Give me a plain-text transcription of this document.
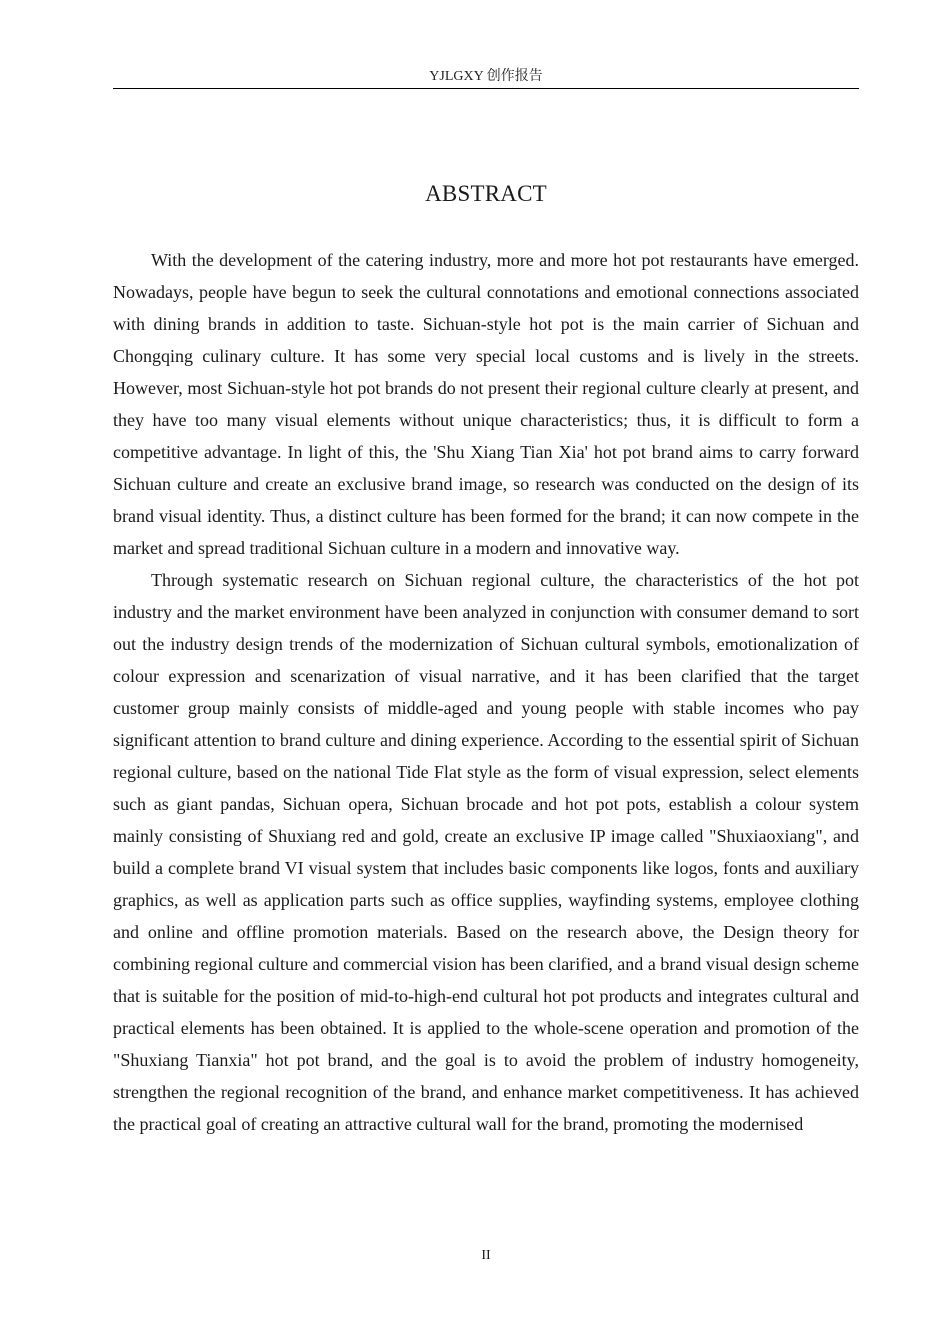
YJLGXY 创作报告
ABSTRACT

With the development of the catering industry, more and more hot pot restaurants have emerged. Nowadays, people have begun to seek the cultural connotations and emotional connections associated with dining brands in addition to taste. Sichuan-style hot pot is the main carrier of Sichuan and Chongqing culinary culture. It has some very special local customs and is lively in the streets. However, most Sichuan-style hot pot brands do not present their regional culture clearly at present, and they have too many visual elements without unique characteristics; thus, it is difficult to form a competitive advantage. In light of this, the 'Shu Xiang Tian Xia' hot pot brand aims to carry forward Sichuan culture and create an exclusive brand image, so research was conducted on the design of its brand visual identity. Thus, a distinct culture has been formed for the brand; it can now compete in the market and spread traditional Sichuan culture in a modern and innovative way.

Through systematic research on Sichuan regional culture, the characteristics of the hot pot industry and the market environment have been analyzed in conjunction with consumer demand to sort out the industry design trends of the modernization of Sichuan cultural symbols, emotionalization of colour expression and scenarization of visual narrative, and it has been clarified that the target customer group mainly consists of middle-aged and young people with stable incomes who pay significant attention to brand culture and dining experience. According to the essential spirit of Sichuan regional culture, based on the national Tide Flat style as the form of visual expression, select elements such as giant pandas, Sichuan opera, Sichuan brocade and hot pot pots, establish a colour system mainly consisting of Shuxiang red and gold, create an exclusive IP image called "Shuxiaoxiang", and build a complete brand VI visual system that includes basic components like logos, fonts and auxiliary graphics, as well as application parts such as office supplies, wayfinding systems, employee clothing and online and offline promotion materials. Based on the research above, the Design theory for combining regional culture and commercial vision has been clarified, and a brand visual design scheme that is suitable for the position of mid-to-high-end cultural hot pot products and integrates cultural and practical elements has been obtained. It is applied to the whole-scene operation and promotion of the "Shuxiang Tianxia" hot pot brand, and the goal is to avoid the problem of industry homogeneity, strengthen the regional recognition of the brand, and enhance market competitiveness. It has achieved the practical goal of creating an attractive cultural wall for the brand, promoting the modernised

II
